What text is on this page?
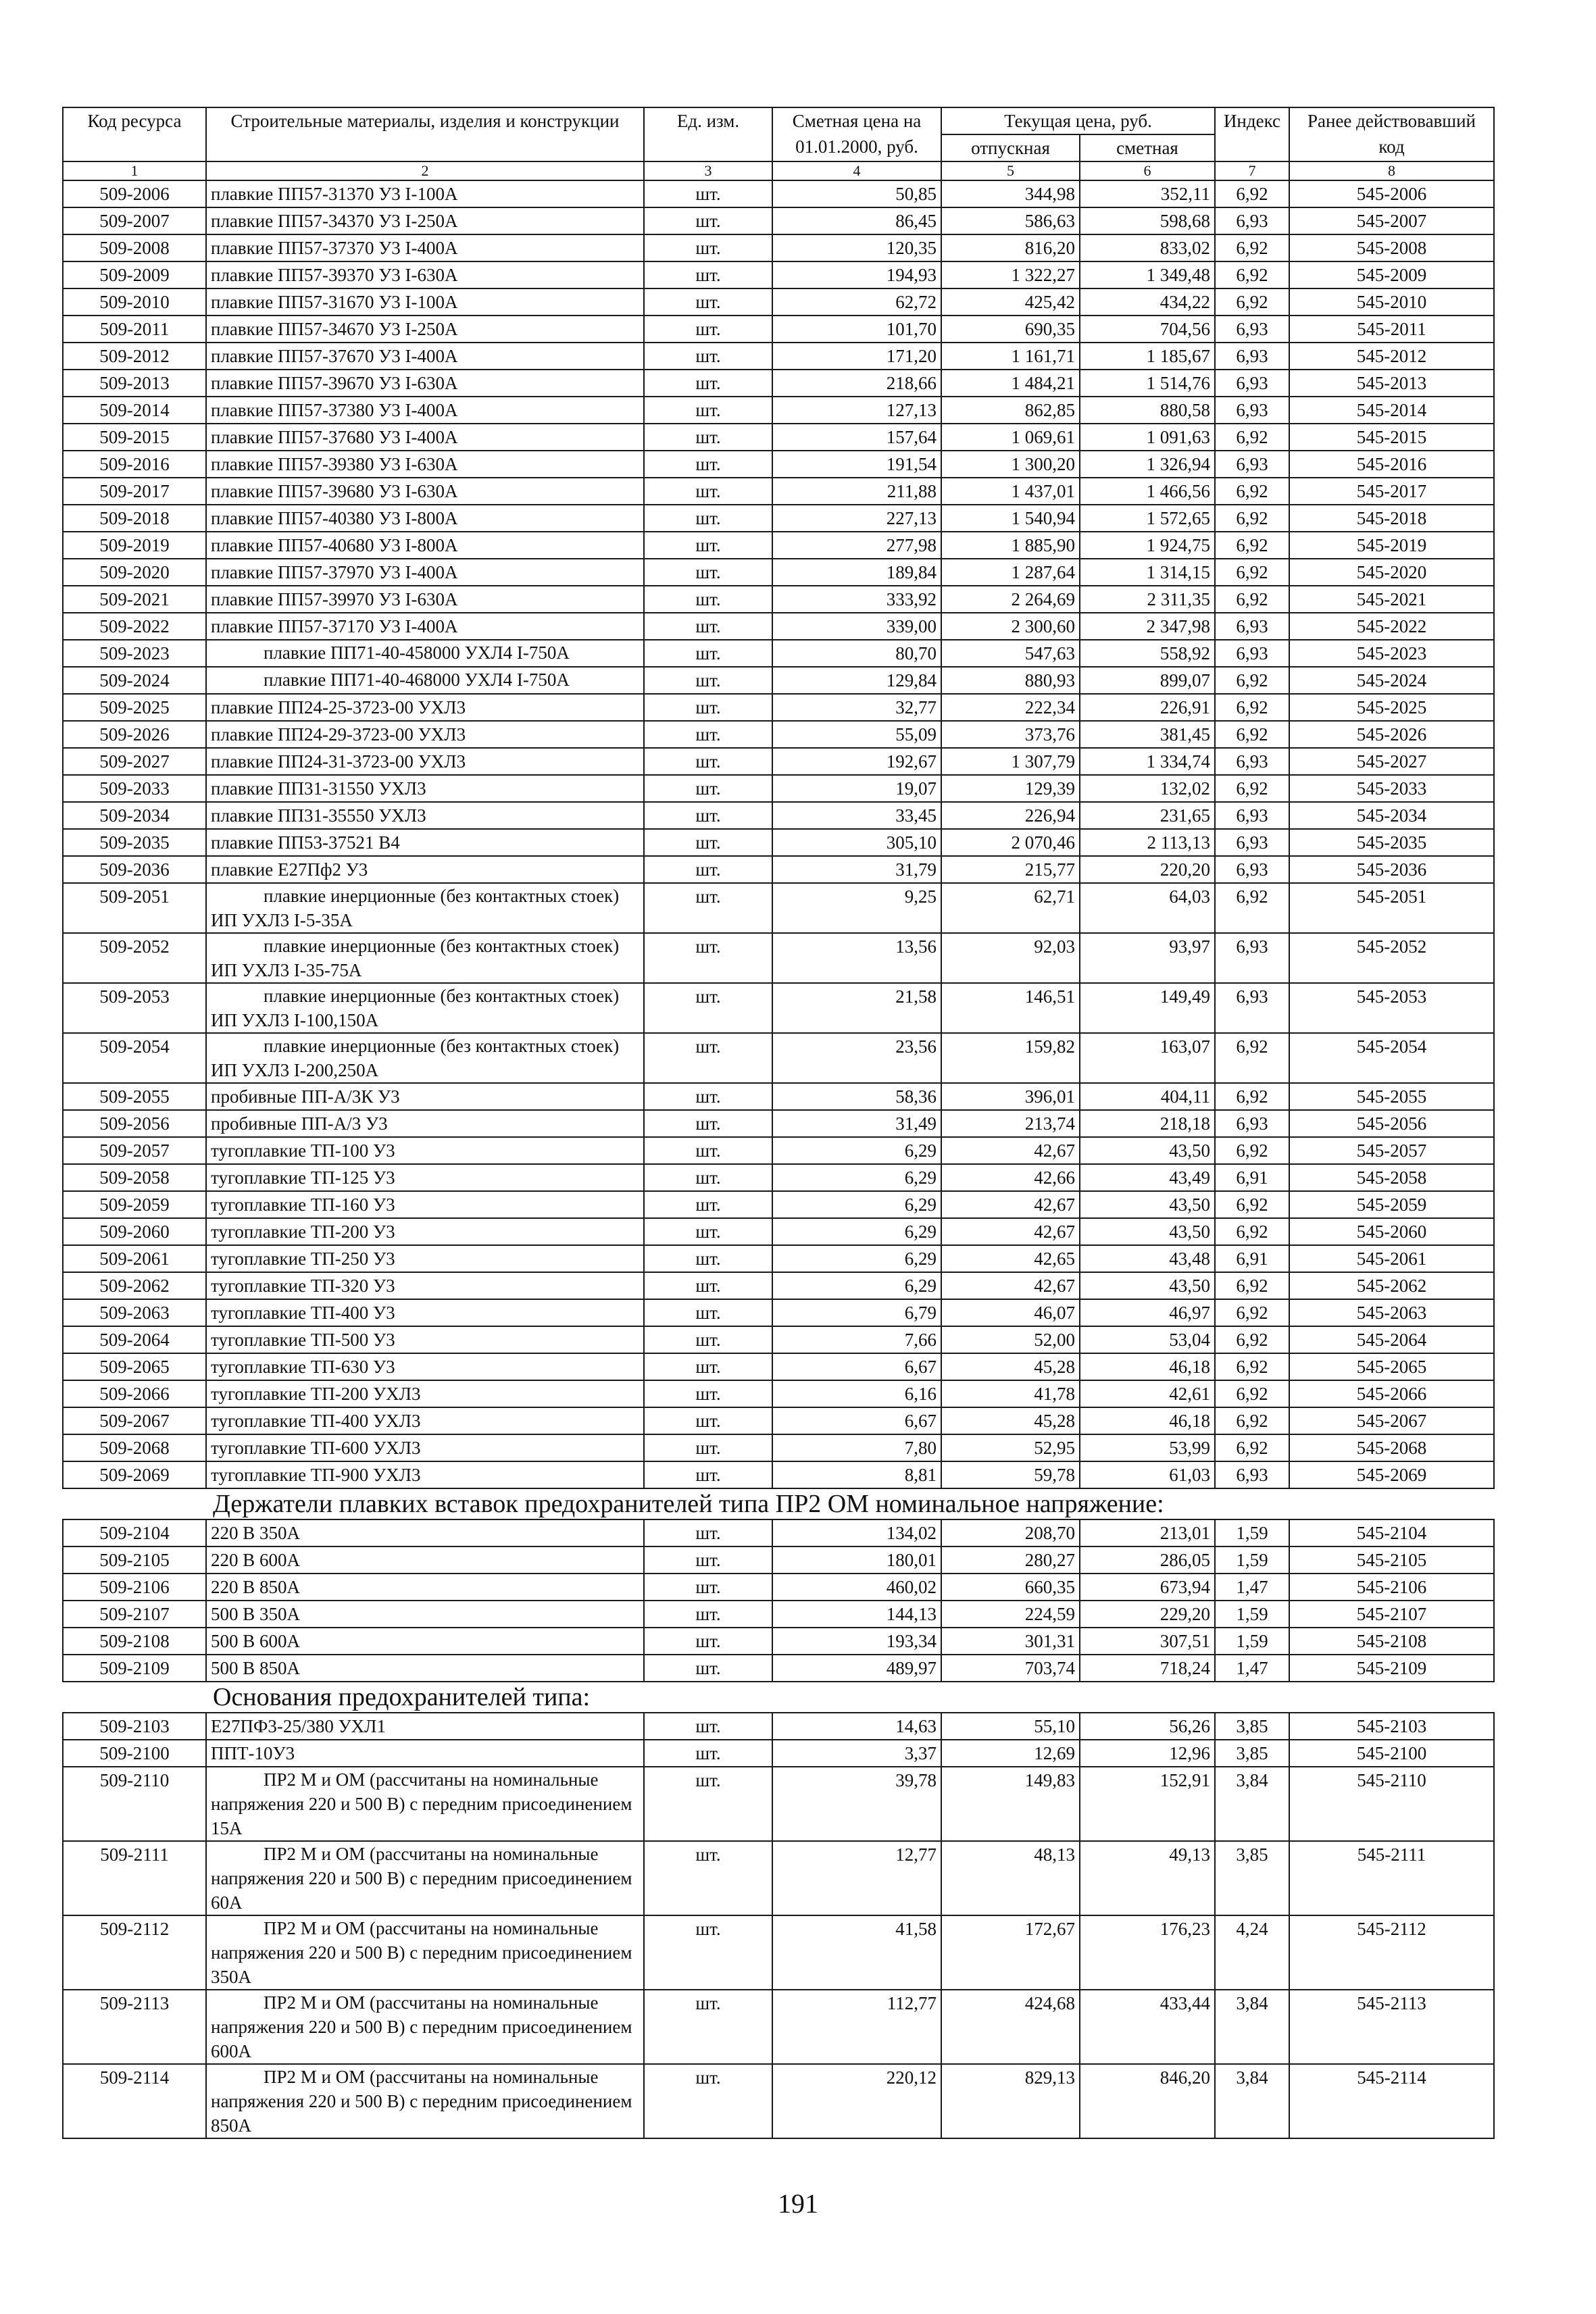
Код ресурса	Строительные материалы, изделия и конструкции	Ед. изм.	Сметная цена на 01.01.2000, руб.	Текущая цена, руб.		Индекс	Ранее действовавший код
				отпускная	сметная		
1	2	3	4	5	6	7	8
509-2006	плавкие ПП57-31370 У3 I-100А	шт.	50,85	344,98	352,11	6,92	545-2006
509-2007	плавкие ПП57-34370 У3 I-250А	шт.	86,45	586,63	598,68	6,93	545-2007
509-2008	плавкие ПП57-37370 У3 I-400А	шт.	120,35	816,20	833,02	6,92	545-2008
509-2009	плавкие ПП57-39370 У3 I-630А	шт.	194,93	1 322,27	1 349,48	6,92	545-2009
509-2010	плавкие ПП57-31670 У3 I-100А	шт.	62,72	425,42	434,22	6,92	545-2010
509-2011	плавкие ПП57-34670 У3 I-250А	шт.	101,70	690,35	704,56	6,93	545-2011
509-2012	плавкие ПП57-37670 У3 I-400А	шт.	171,20	1 161,71	1 185,67	6,93	545-2012
509-2013	плавкие ПП57-39670 У3 I-630А	шт.	218,66	1 484,21	1 514,76	6,93	545-2013
509-2014	плавкие ПП57-37380 У3 I-400А	шт.	127,13	862,85	880,58	6,93	545-2014
509-2015	плавкие ПП57-37680 У3 I-400А	шт.	157,64	1 069,61	1 091,63	6,92	545-2015
509-2016	плавкие ПП57-39380 У3 I-630А	шт.	191,54	1 300,20	1 326,94	6,93	545-2016
509-2017	плавкие ПП57-39680 У3 I-630А	шт.	211,88	1 437,01	1 466,56	6,92	545-2017
509-2018	плавкие ПП57-40380 У3 I-800А	шт.	227,13	1 540,94	1 572,65	6,92	545-2018
509-2019	плавкие ПП57-40680 У3 I-800А	шт.	277,98	1 885,90	1 924,75	6,92	545-2019
509-2020	плавкие ПП57-37970 У3 I-400А	шт.	189,84	1 287,64	1 314,15	6,92	545-2020
509-2021	плавкие ПП57-39970 У3 I-630А	шт.	333,92	2 264,69	2 311,35	6,92	545-2021
509-2022	плавкие ПП57-37170 У3 I-400А	шт.	339,00	2 300,60	2 347,98	6,93	545-2022
509-2023	плавкие ПП71-40-458000 УХЛ4 I-750А	шт.	80,70	547,63	558,92	6,93	545-2023
509-2024	плавкие ПП71-40-468000 УХЛ4 I-750А	шт.	129,84	880,93	899,07	6,92	545-2024
509-2025	плавкие ПП24-25-3723-00 УХЛ3	шт.	32,77	222,34	226,91	6,92	545-2025
509-2026	плавкие ПП24-29-3723-00 УХЛ3	шт.	55,09	373,76	381,45	6,92	545-2026
509-2027	плавкие ПП24-31-3723-00 УХЛ3	шт.	192,67	1 307,79	1 334,74	6,93	545-2027
509-2033	плавкие ПП31-31550 УХЛ3	шт.	19,07	129,39	132,02	6,92	545-2033
509-2034	плавкие ПП31-35550 УХЛ3	шт.	33,45	226,94	231,65	6,93	545-2034
509-2035	плавкие ПП53-37521 В4	шт.	305,10	2 070,46	2 113,13	6,93	545-2035
509-2036	плавкие Е27Пф2 У3	шт.	31,79	215,77	220,20	6,93	545-2036
509-2051	плавкие инерционные (без контактных стоек) ИП УХЛ3 I-5-35А	шт.	9,25	62,71	64,03	6,92	545-2051
509-2052	плавкие инерционные (без контактных стоек) ИП УХЛ3 I-35-75А	шт.	13,56	92,03	93,97	6,93	545-2052
509-2053	плавкие инерционные (без контактных стоек) ИП УХЛ3 I-100,150А	шт.	21,58	146,51	149,49	6,93	545-2053
509-2054	плавкие инерционные (без контактных стоек) ИП УХЛ3 I-200,250А	шт.	23,56	159,82	163,07	6,92	545-2054
509-2055	пробивные ПП-А/3К У3	шт.	58,36	396,01	404,11	6,92	545-2055
509-2056	пробивные ПП-А/3 У3	шт.	31,49	213,74	218,18	6,93	545-2056
509-2057	тугоплавкие ТП-100 У3	шт.	6,29	42,67	43,50	6,92	545-2057
509-2058	тугоплавкие ТП-125 У3	шт.	6,29	42,66	43,49	6,91	545-2058
509-2059	тугоплавкие ТП-160 У3	шт.	6,29	42,67	43,50	6,92	545-2059
509-2060	тугоплавкие ТП-200 У3	шт.	6,29	42,67	43,50	6,92	545-2060
509-2061	тугоплавкие ТП-250 У3	шт.	6,29	42,65	43,48	6,91	545-2061
509-2062	тугоплавкие ТП-320 У3	шт.	6,29	42,67	43,50	6,92	545-2062
509-2063	тугоплавкие ТП-400 У3	шт.	6,79	46,07	46,97	6,92	545-2063
509-2064	тугоплавкие ТП-500 У3	шт.	7,66	52,00	53,04	6,92	545-2064
509-2065	тугоплавкие ТП-630 У3	шт.	6,67	45,28	46,18	6,92	545-2065
509-2066	тугоплавкие ТП-200 УХЛ3	шт.	6,16	41,78	42,61	6,92	545-2066
509-2067	тугоплавкие ТП-400 УХЛ3	шт.	6,67	45,28	46,18	6,92	545-2067
509-2068	тугоплавкие ТП-600 УХЛ3	шт.	7,80	52,95	53,99	6,92	545-2068
509-2069	тугоплавкие ТП-900 УХЛ3	шт.	8,81	59,78	61,03	6,93	545-2069
Держатели плавких вставок предохранителей типа ПР2 ОМ номинальное напряжение:							
509-2104	220 В 350А	шт.	134,02	208,70	213,01	1,59	545-2104
509-2105	220 В 600А	шт.	180,01	280,27	286,05	1,59	545-2105
509-2106	220 В 850А	шт.	460,02	660,35	673,94	1,47	545-2106
509-2107	500 В 350А	шт.	144,13	224,59	229,20	1,59	545-2107
509-2108	500 В 600А	шт.	193,34	301,31	307,51	1,59	545-2108
509-2109	500 В 850А	шт.	489,97	703,74	718,24	1,47	545-2109
Основания предохранителей типа:							
509-2103	Е27ПФ3-25/380 УХЛ1	шт.	14,63	55,10	56,26	3,85	545-2103
509-2100	ППТ-10У3	шт.	3,37	12,69	12,96	3,85	545-2100
509-2110	ПР2 М и ОМ (рассчитаны на номинальные напряжения 220 и 500 В) с передним присоединением 15А	шт.	39,78	149,83	152,91	3,84	545-2110
509-2111	ПР2 М и ОМ (рассчитаны на номинальные напряжения 220 и 500 В) с передним присоединением 60А	шт.	12,77	48,13	49,13	3,85	545-2111
509-2112	ПР2 М и ОМ (рассчитаны на номинальные напряжения 220 и 500 В) с передним присоединением 350А	шт.	41,58	172,67	176,23	4,24	545-2112
509-2113	ПР2 М и ОМ (рассчитаны на номинальные напряжения 220 и 500 В) с передним присоединением 600А	шт.	112,77	424,68	433,44	3,84	545-2113
509-2114	ПР2 М и ОМ (рассчитаны на номинальные напряжения 220 и 500 В) с передним присоединением 850А	шт.	220,12	829,13	846,20	3,84	545-2114
191
